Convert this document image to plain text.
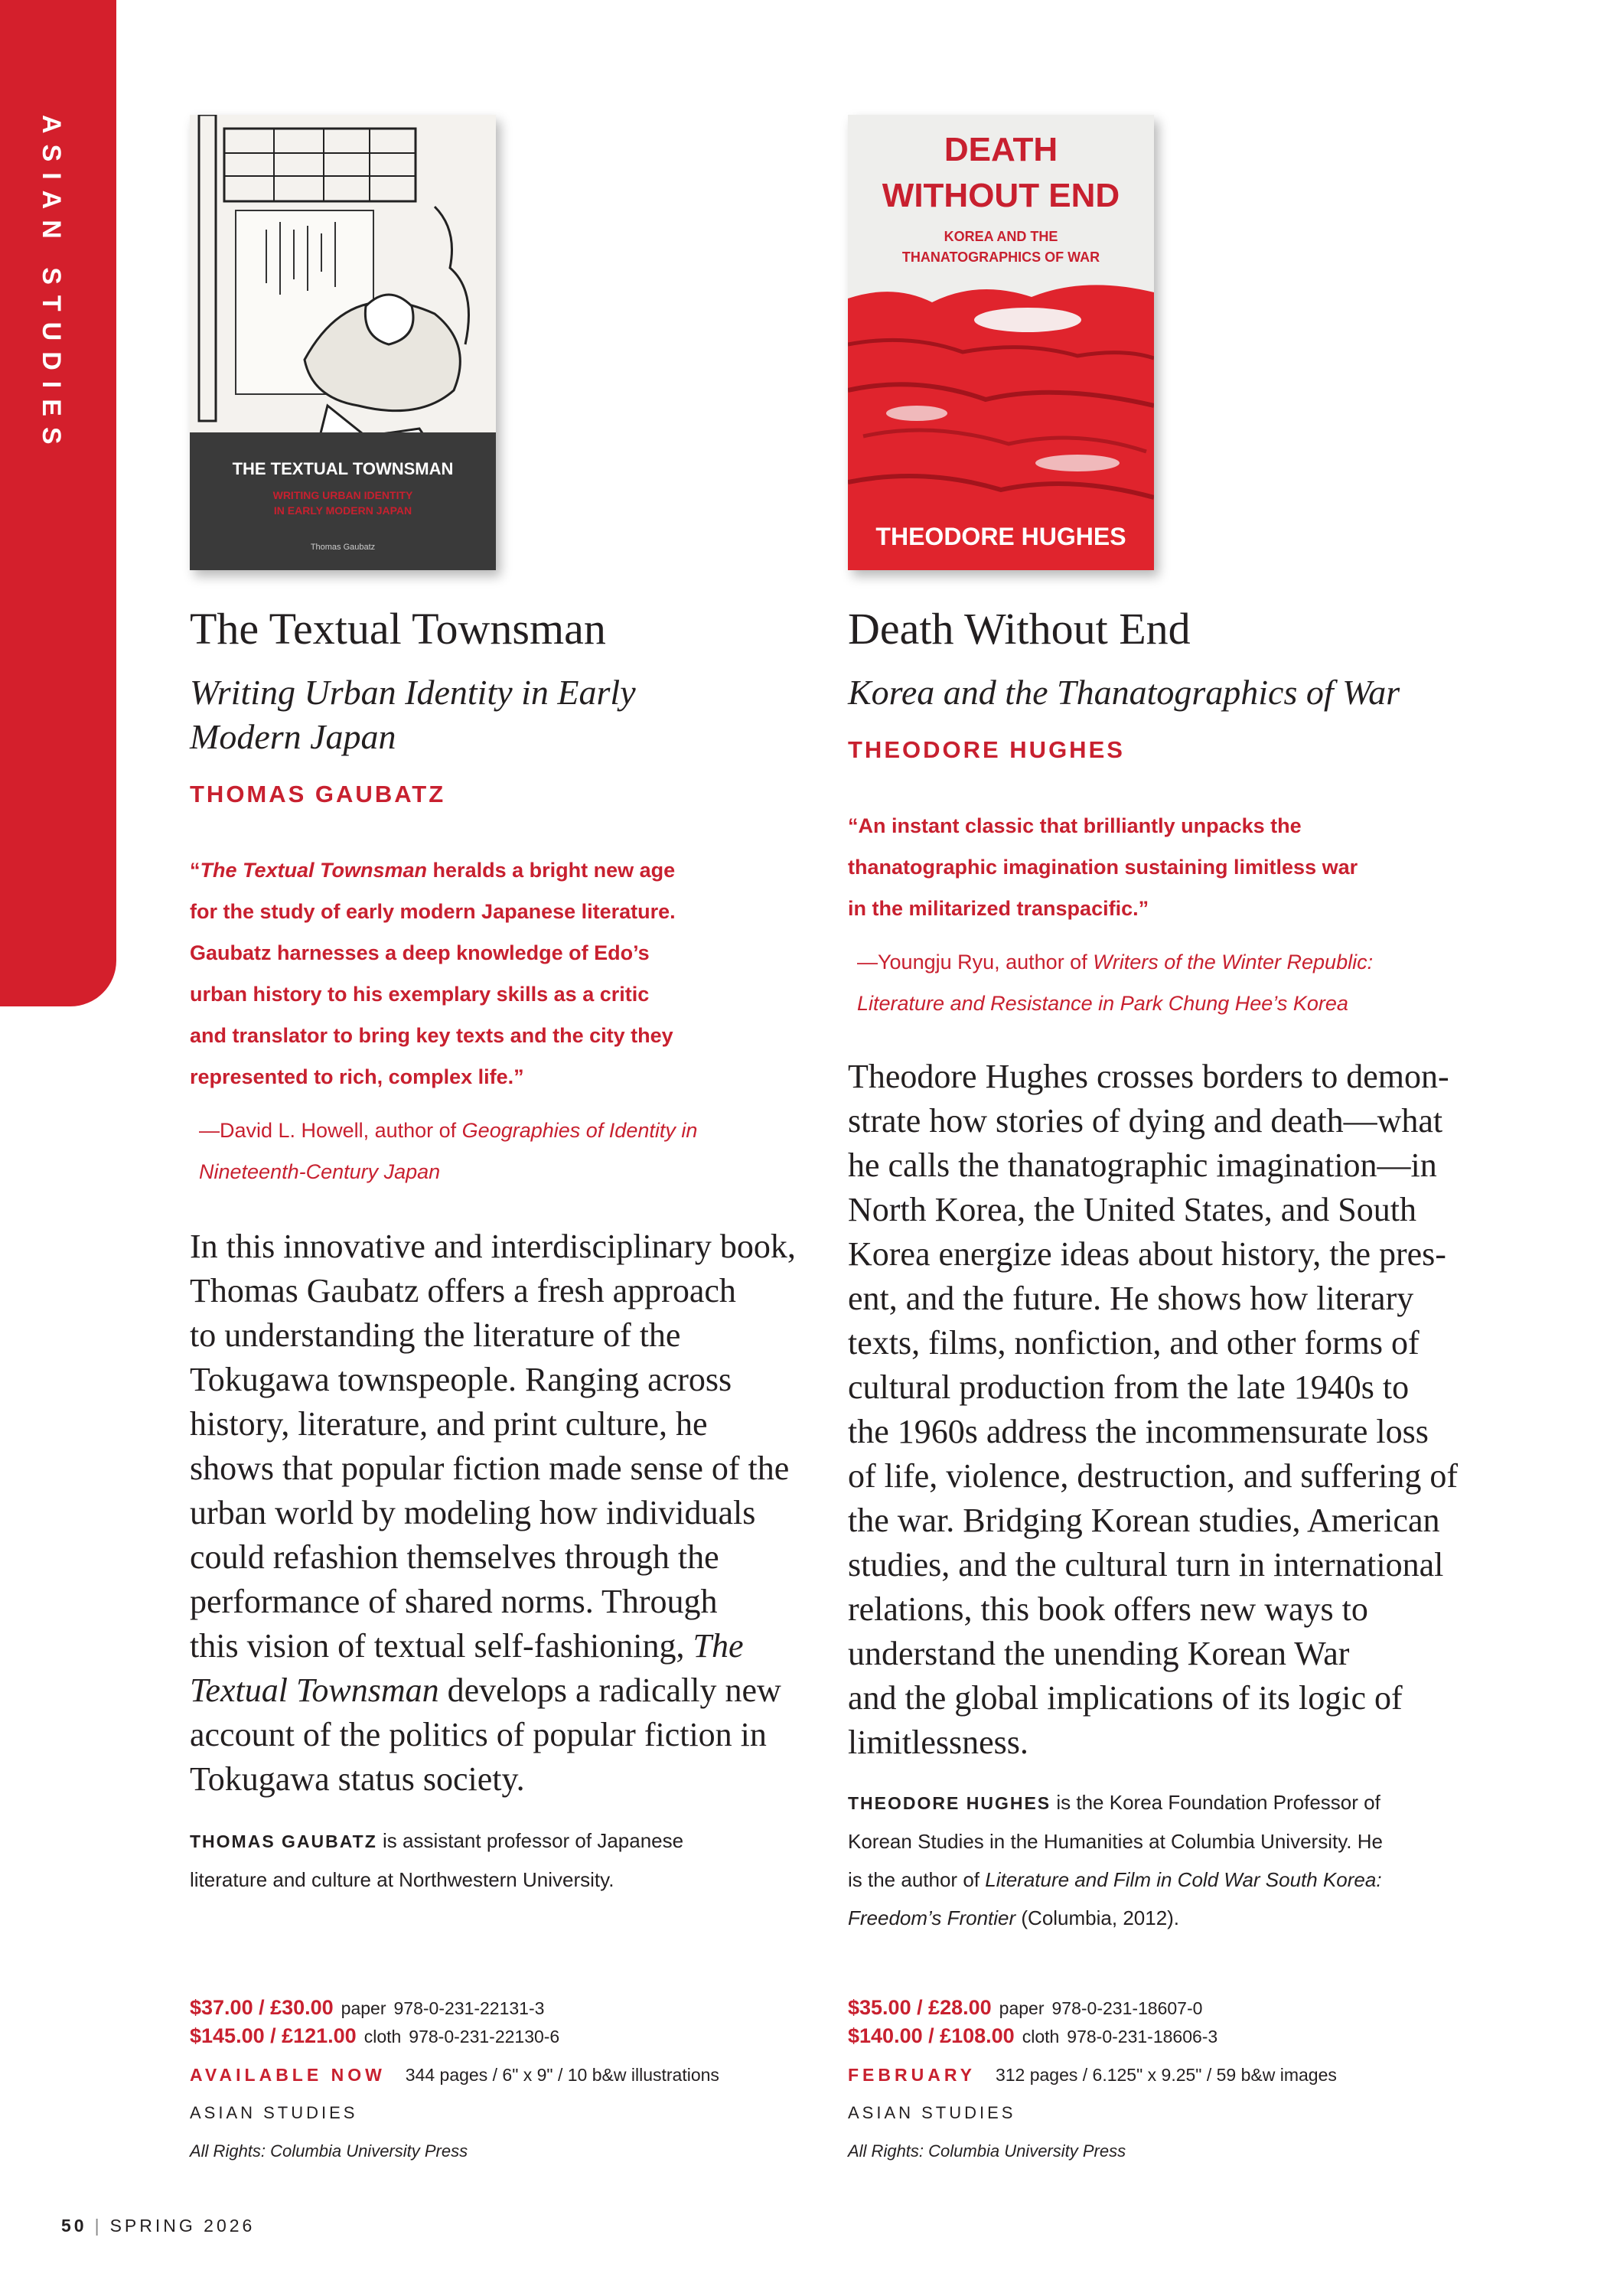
ASIAN STUDIES
THE TEXTUAL TOWNSMAN
WRITING URBAN IDENTITY
IN EARLY MODERN JAPAN
Thomas Gaubatz
The Textual Townsman

Writing Urban Identity in Early
Modern Japan

THOMAS GAUBATZ

“The Textual Townsman heralds a bright new age
for the study of early modern Japanese literature.
Gaubatz harnesses a deep knowledge of Edo’s
urban history to his exemplary skills as a critic
and translator to bring key texts and the city they
represented to rich, complex life.”

—David L. Howell, author of Geographies of Identity in
Nineteenth-Century Japan

In this innovative and interdisciplinary book,
Thomas Gaubatz offers a fresh approach
to understanding the literature of the
Tokugawa townspeople. Ranging across
history, literature, and print culture, he
shows that popular fiction made sense of the
urban world by modeling how individuals
could refashion themselves through the
performance of shared norms. Through
this vision of textual self-fashioning, The
Textual Townsman develops a radically new
account of the politics of popular fiction in
Tokugawa status society.

THOMAS GAUBATZ is assistant professor of Japanese
literature and culture at Northwestern University.

$37.00 / £30.00 paper 978-0-231-22131-3
$145.00 / £121.00 cloth 978-0-231-22130-6
AVAILABLE NOW 344 pages / 6" x 9" / 10 b&w illustrations
ASIAN STUDIES
All Rights: Columbia University Press
DEATH
WITHOUT END
KOREA AND THE
THANATOGRAPHICS OF WAR
THEODORE HUGHES
Death Without End

Korea and the Thanatographics of War

THEODORE HUGHES

“An instant classic that brilliantly unpacks the
thanatographic imagination sustaining limitless war
in the militarized transpacific.”

—Youngju Ryu, author of Writers of the Winter Republic:
Literature and Resistance in Park Chung Hee’s Korea

Theodore Hughes crosses borders to demon-
strate how stories of dying and death—what
he calls the thanatographic imagination—in
North Korea, the United States, and South
Korea energize ideas about history, the pres-
ent, and the future. He shows how literary
texts, films, nonfiction, and other forms of
cultural production from the late 1940s to
the 1960s address the incommensurate loss
of life, violence, destruction, and suffering of
the war. Bridging Korean studies, American
studies, and the cultural turn in international
relations, this book offers new ways to
understand the unending Korean War
and the global implications of its logic of
limitlessness.

THEODORE HUGHES is the Korea Foundation Professor of
Korean Studies in the Humanities at Columbia University. He
is the author of Literature and Film in Cold War South Korea:
Freedom’s Frontier (Columbia, 2012).

$35.00 / £28.00 paper 978-0-231-18607-0
$140.00 / £108.00 cloth 978-0-231-18606-3
FEBRUARY 312 pages / 6.125" x 9.25" / 59 b&w images
ASIAN STUDIES
All Rights: Columbia University Press
50 | SPRING 2026
